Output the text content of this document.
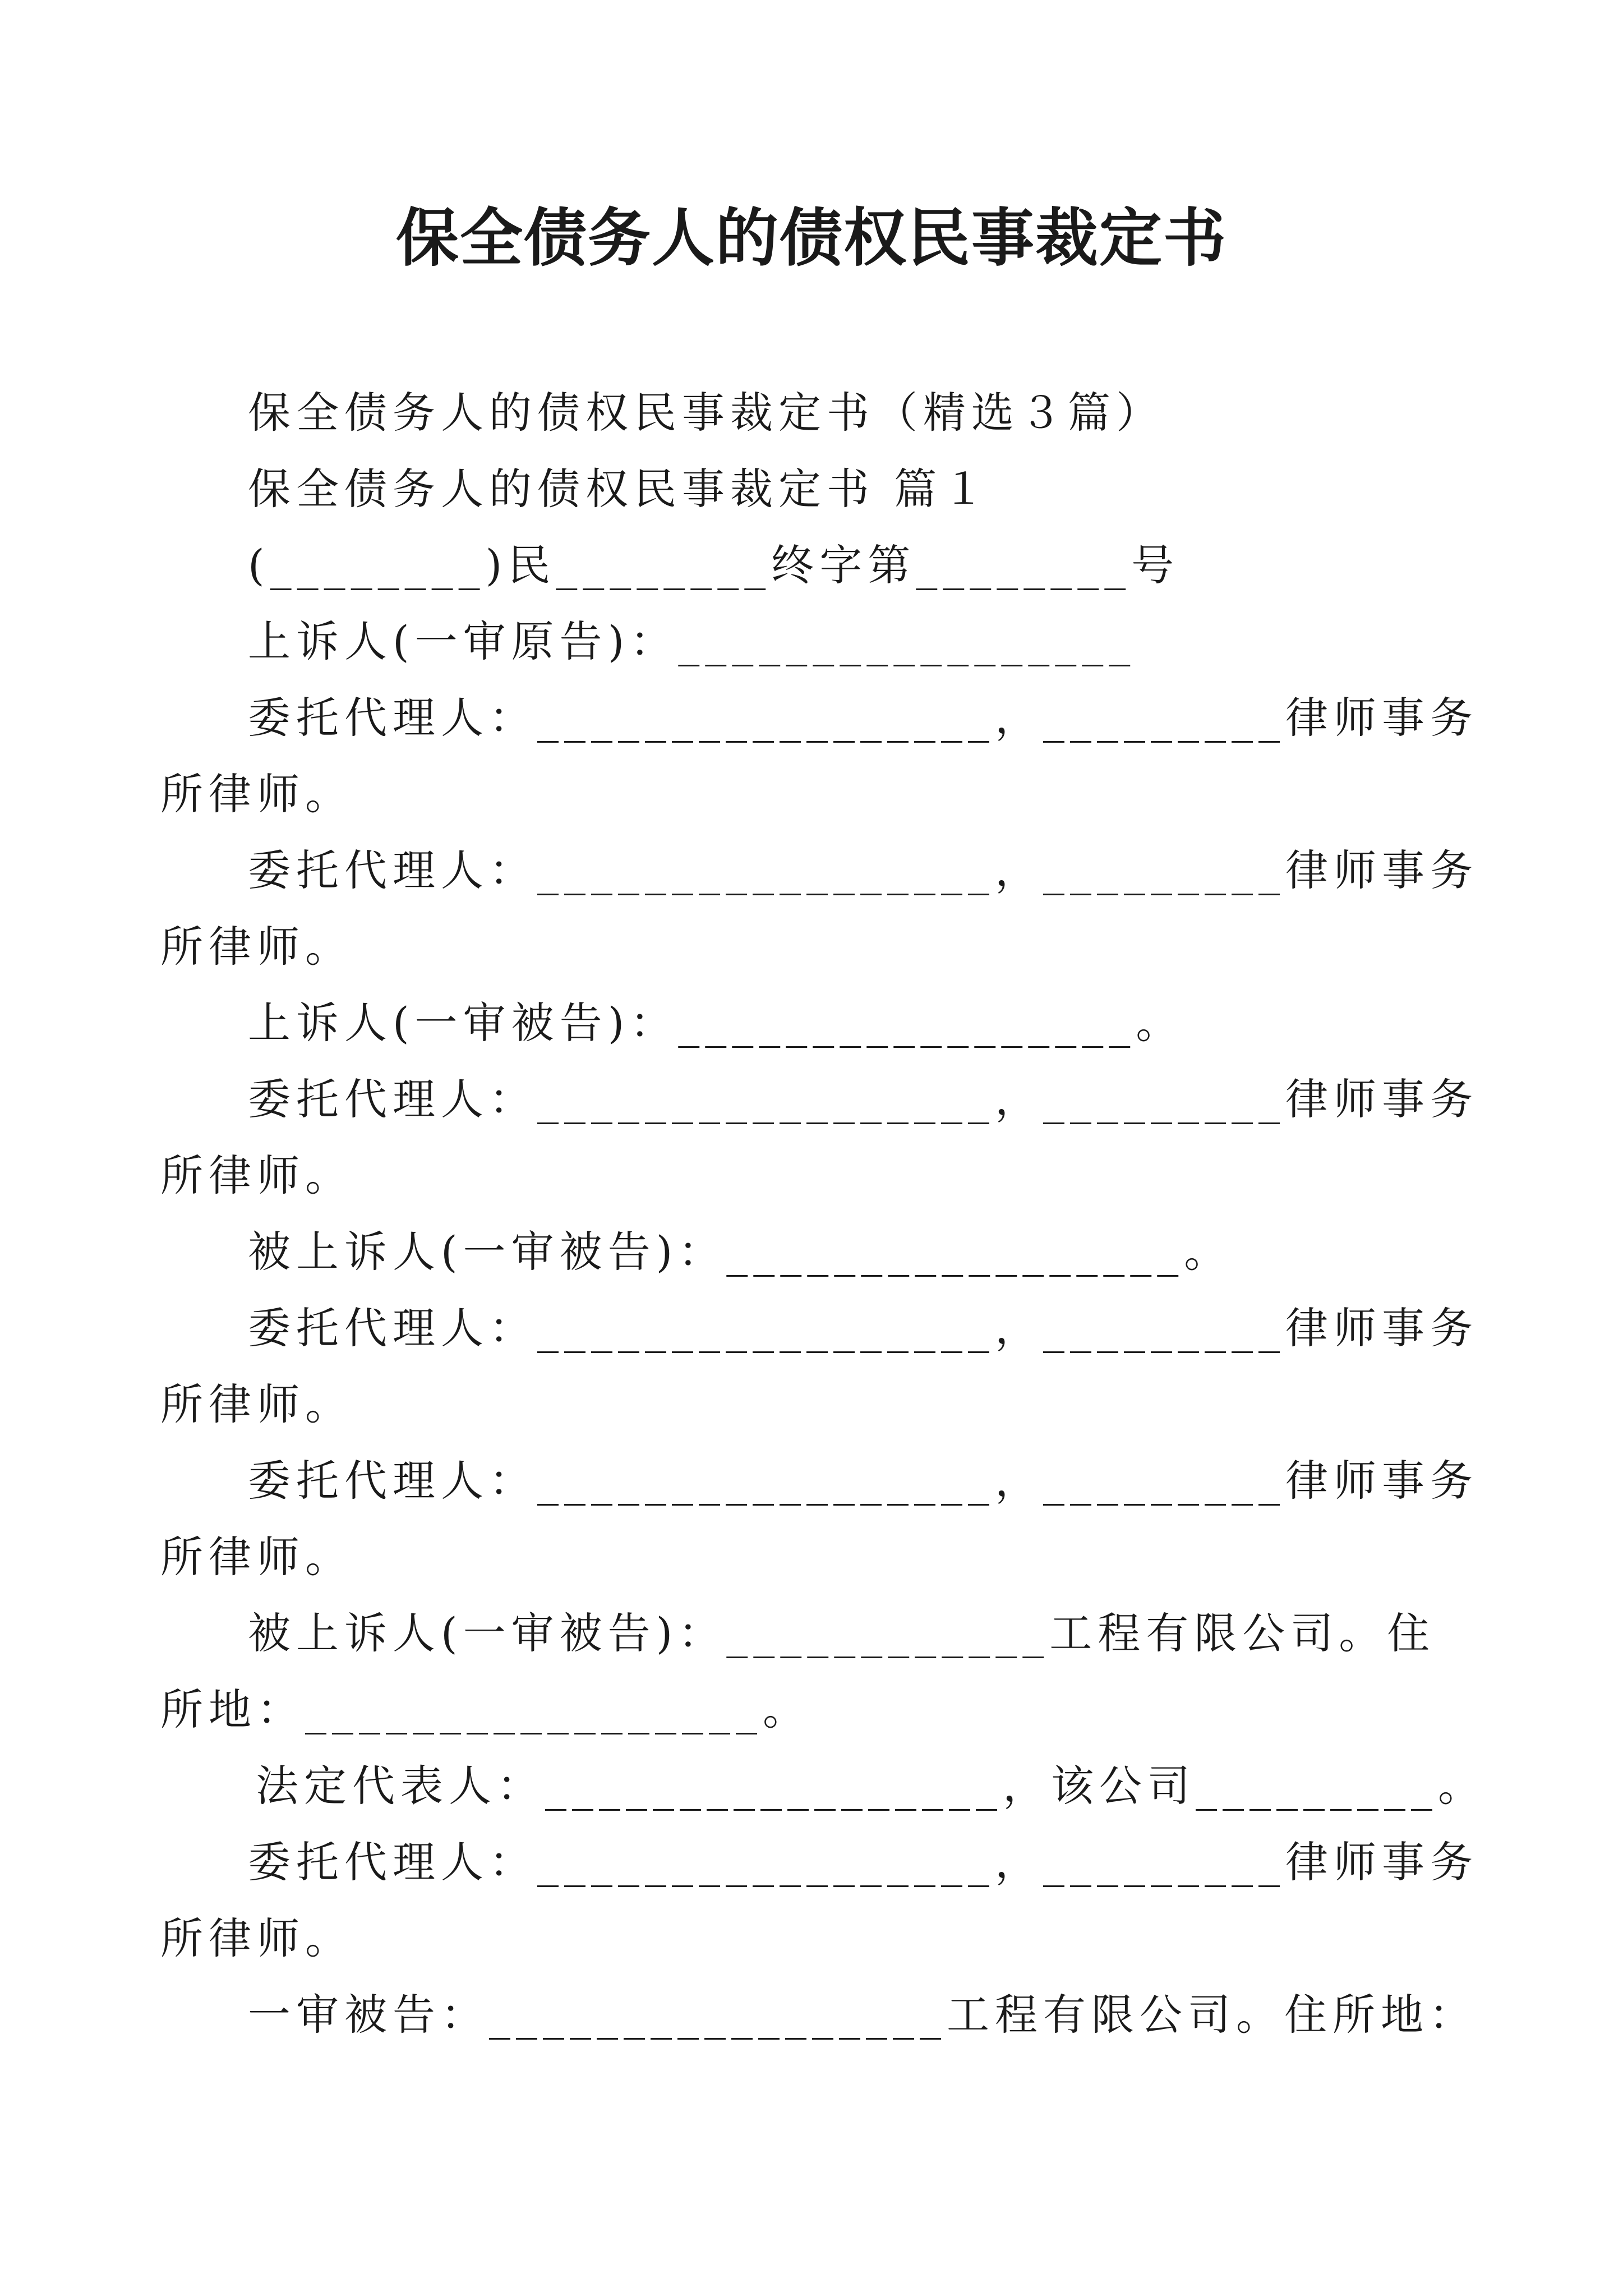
保全债务人的债权民事裁定书

保全债务人的债权民事裁定书（精选３篇）

保全债务人的债权民事裁定书 篇１

(________)民________终字第________号

上诉人(一审原告)：_________________

委托代理人：_________________，_________律师事务

所律师。

委托代理人：_________________，_________律师事务

所律师。

上诉人(一审被告)：_________________。

委托代理人：_________________，_________律师事务

所律师。

被上诉人(一审被告)：_________________。

委托代理人：_________________，_________律师事务

所律师。

委托代理人：_________________，_________律师事务

所律师。

被上诉人(一审被告)：____________工程有限公司。住

所地：_________________。

法定代表人：_________________，该公司_________。

委托代理人：_________________，_________律师事务

所律师。

一审被告：_________________工程有限公司。住所地：
